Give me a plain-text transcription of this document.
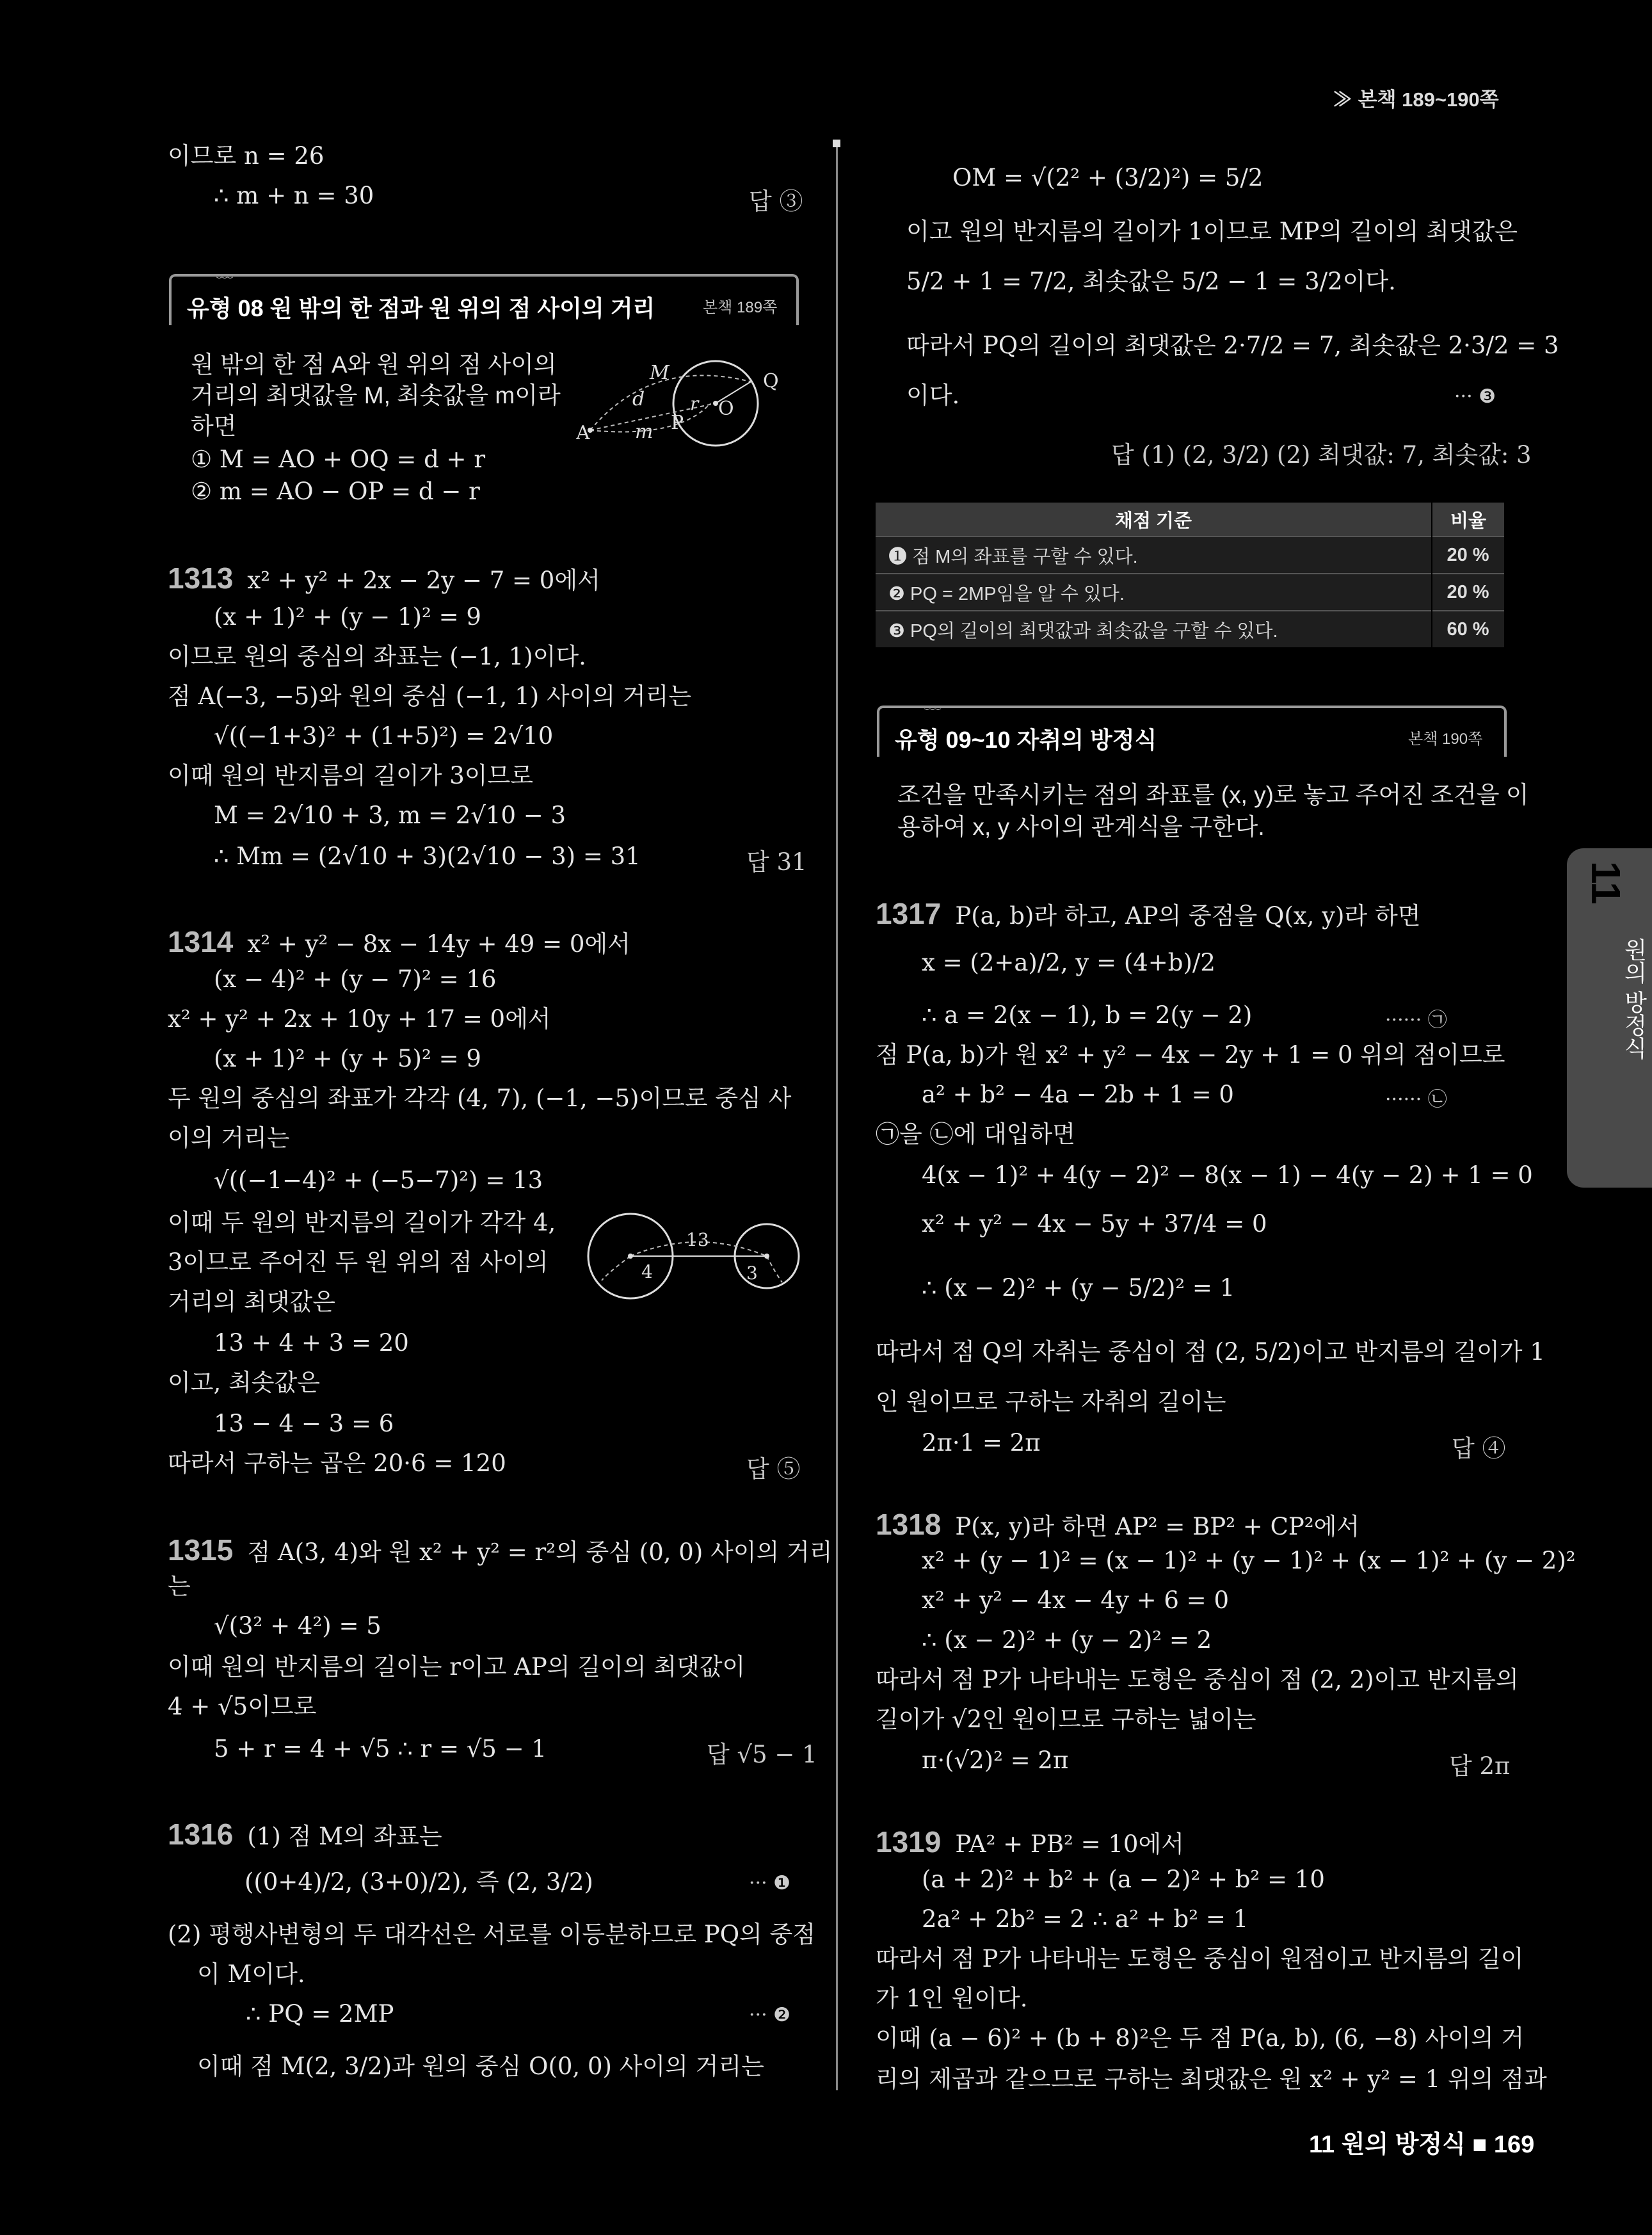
≫ 본책 189~190쪽
11 원의 방정식 ■ 169
11
원의 방정식
이므로 n = 26
∴ m + n = 30	답 ③
﹏
유형 08 원 밖의 한 점과 원 위의 점 사이의 거리	본책 189쪽
원 밖의 한 점 A와 원 위의 점 사이의
거리의 최댓값을 M, 최솟값을 m이라
하면
① M = AO + OQ = d + r
② m = AO − OP = d − r
M
d	r O
Q
A m P
1313 x² + y² + 2x − 2y − 7 = 0에서
(x + 1)² + (y − 1)² = 9
이므로 원의 중심의 좌표는 (−1, 1)이다.
점 A(−3, −5)와 원의 중심 (−1, 1) 사이의 거리는
√((−1+3)² + (1+5)²) = 2√10
이때 원의 반지름의 길이가 3이므로
M = 2√10 + 3, m = 2√10 − 3
∴ Mm = (2√10 + 3)(2√10 − 3) = 31	답 31
1314 x² + y² − 8x − 14y + 49 = 0에서
(x − 4)² + (y − 7)² = 16
x² + y² + 2x + 10y + 17 = 0에서
(x + 1)² + (y + 5)² = 9
두 원의 중심의 좌표가 각각 (4, 7), (−1, −5)이므로 중심 사
이의 거리는
√((−1−4)² + (−5−7)²) = 13
이때 두 원의 반지름의 길이가 각각 4,
3이므로 주어진 두 원 위의 점 사이의
거리의 최댓값은
13 + 4 + 3 = 20
이고, 최솟값은
13 − 4 − 3 = 6
따라서 구하는 곱은 20·6 = 120	답 ⑤
13
4	3
1315 점 A(3, 4)와 원 x² + y² = r²의 중심 (0, 0) 사이의 거리
는
√(3² + 4²) = 5
이때 원의 반지름의 길이는 r이고 AP의 길이의 최댓값이
4 + √5이므로
5 + r = 4 + √5 ∴ r = √5 − 1	답 √5 − 1
1316 (1) 점 M의 좌표는
((0+4)/2, (3+0)/2), 즉 (2, 3/2)	··· ❶
(2) 평행사변형의 두 대각선은 서로를 이등분하므로 PQ의 중점
이 M이다.
∴ PQ = 2MP	··· ❷
이때 점 M(2, 3/2)과 원의 중심 O(0, 0) 사이의 거리는
OM = √(2² + (3/2)²) = 5/2
이고 원의 반지름의 길이가 1이므로 MP의 길이의 최댓값은
5/2 + 1 = 7/2, 최솟값은 5/2 − 1 = 3/2이다.
따라서 PQ의 길이의 최댓값은 2·7/2 = 7, 최솟값은 2·3/2 = 3
이다.	··· ❸
답 (1) (2, 3/2) (2) 최댓값: 7, 최솟값: 3
채점 기준	비율
❶ 점 M의 좌표를 구할 수 있다.	20 %
❷ PQ = 2MP임을 알 수 있다.	20 %
❸ PQ의 길이의 최댓값과 최솟값을 구할 수 있다.	60 %
﹏
유형 09~10 자취의 방정식	본책 190쪽
조건을 만족시키는 점의 좌표를 (x, y)로 놓고 주어진 조건을 이
용하여 x, y 사이의 관계식을 구한다.
1317 P(a, b)라 하고, AP의 중점을 Q(x, y)라 하면
x = (2+a)/2, y = (4+b)/2
∴ a = 2(x − 1), b = 2(y − 2)	······ ㉠
점 P(a, b)가 원 x² + y² − 4x − 2y + 1 = 0 위의 점이므로
a² + b² − 4a − 2b + 1 = 0	······ ㉡
㉠을 ㉡에 대입하면
4(x − 1)² + 4(y − 2)² − 8(x − 1) − 4(y − 2) + 1 = 0
x² + y² − 4x − 5y + 37/4 = 0
∴ (x − 2)² + (y − 5/2)² = 1
따라서 점 Q의 자취는 중심이 점 (2, 5/2)이고 반지름의 길이가 1
인 원이므로 구하는 자취의 길이는
2π·1 = 2π	답 ④
1318 P(x, y)라 하면 AP² = BP² + CP²에서
x² + (y − 1)² = (x − 1)² + (y − 1)² + (x − 1)² + (y − 2)²
x² + y² − 4x − 4y + 6 = 0
∴ (x − 2)² + (y − 2)² = 2
따라서 점 P가 나타내는 도형은 중심이 점 (2, 2)이고 반지름의
길이가 √2인 원이므로 구하는 넓이는
π·(√2)² = 2π	답 2π
1319 PA² + PB² = 10에서
(a + 2)² + b² + (a − 2)² + b² = 10
2a² + 2b² = 2 ∴ a² + b² = 1
따라서 점 P가 나타내는 도형은 중심이 원점이고 반지름의 길이
가 1인 원이다.
이때 (a − 6)² + (b + 8)²은 두 점 P(a, b), (6, −8) 사이의 거
리의 제곱과 같으므로 구하는 최댓값은 원 x² + y² = 1 위의 점과
